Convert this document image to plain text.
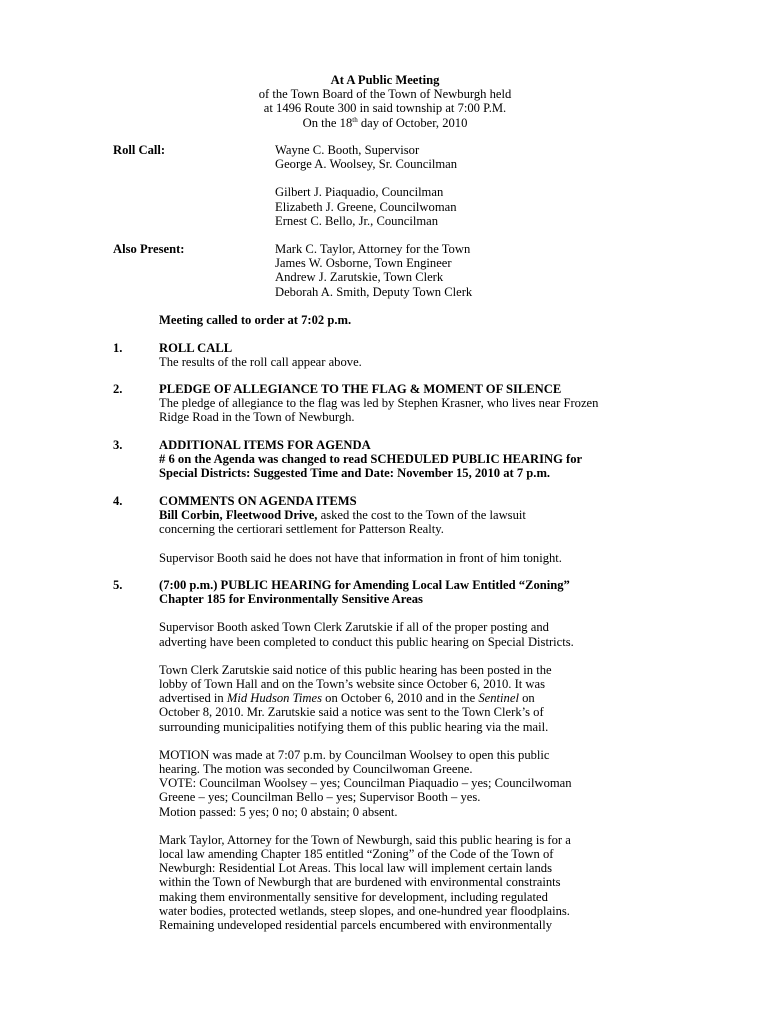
At A Public Meeting
of the Town Board of the Town of Newburgh held
at 1496 Route 300 in said township at 7:00 P.M.
On the 18th day of October, 2010
Roll Call:	Wayne C. Booth, Supervisor
George A. Woolsey, Sr. Councilman
Gilbert J. Piaquadio, Councilman
Elizabeth J. Greene, Councilwoman
Ernest C. Bello, Jr., Councilman
Also Present:	Mark C. Taylor, Attorney for the Town
James W. Osborne, Town Engineer
Andrew J. Zarutskie, Town Clerk
Deborah A. Smith, Deputy Town Clerk
Meeting called to order at 7:02 p.m.
1.	ROLL CALL

The results of the roll call appear above.

2.	PLEDGE OF ALLEGIANCE TO THE FLAG & MOMENT OF SILENCE

The pledge of allegiance to the flag was led by Stephen Krasner, who lives near Frozen

Ridge Road in the Town of Newburgh.

3.	ADDITIONAL ITEMS FOR AGENDA

# 6 on the Agenda was changed to read SCHEDULED PUBLIC HEARING for

Special Districts: Suggested Time and Date: November 15, 2010 at 7 p.m.

4.	COMMENTS ON AGENDA ITEMS

Bill Corbin, Fleetwood Drive, asked the cost to the Town of the lawsuit

concerning the certiorari settlement for Patterson Realty.

Supervisor Booth said he does not have that information in front of him tonight.

5.	(7:00 p.m.) PUBLIC HEARING for Amending Local Law Entitled “Zoning”

Chapter 185 for Environmentally Sensitive Areas

Supervisor Booth asked Town Clerk Zarutskie if all of the proper posting and

adverting have been completed to conduct this public hearing on Special Districts.

Town Clerk Zarutskie said notice of this public hearing has been posted in the

lobby of Town Hall and on the Town’s website since October 6, 2010. It was

advertised in Mid Hudson Times on October 6, 2010 and in the Sentinel on

October 8, 2010. Mr. Zarutskie said a notice was sent to the Town Clerk’s of

surrounding municipalities notifying them of this public hearing via the mail.

MOTION was made at 7:07 p.m. by Councilman Woolsey to open this public

hearing. The motion was seconded by Councilwoman Greene.

VOTE: Councilman Woolsey – yes; Councilman Piaquadio – yes; Councilwoman

Greene – yes; Councilman Bello – yes; Supervisor Booth – yes.

Motion passed: 5 yes; 0 no; 0 abstain; 0 absent.

Mark Taylor, Attorney for the Town of Newburgh, said this public hearing is for a

local law amending Chapter 185 entitled “Zoning” of the Code of the Town of

Newburgh: Residential Lot Areas. This local law will implement certain lands

within the Town of Newburgh that are burdened with environmental constraints

making them environmentally sensitive for development, including regulated

water bodies, protected wetlands, steep slopes, and one-hundred year floodplains.

Remaining undeveloped residential parcels encumbered with environmentally
